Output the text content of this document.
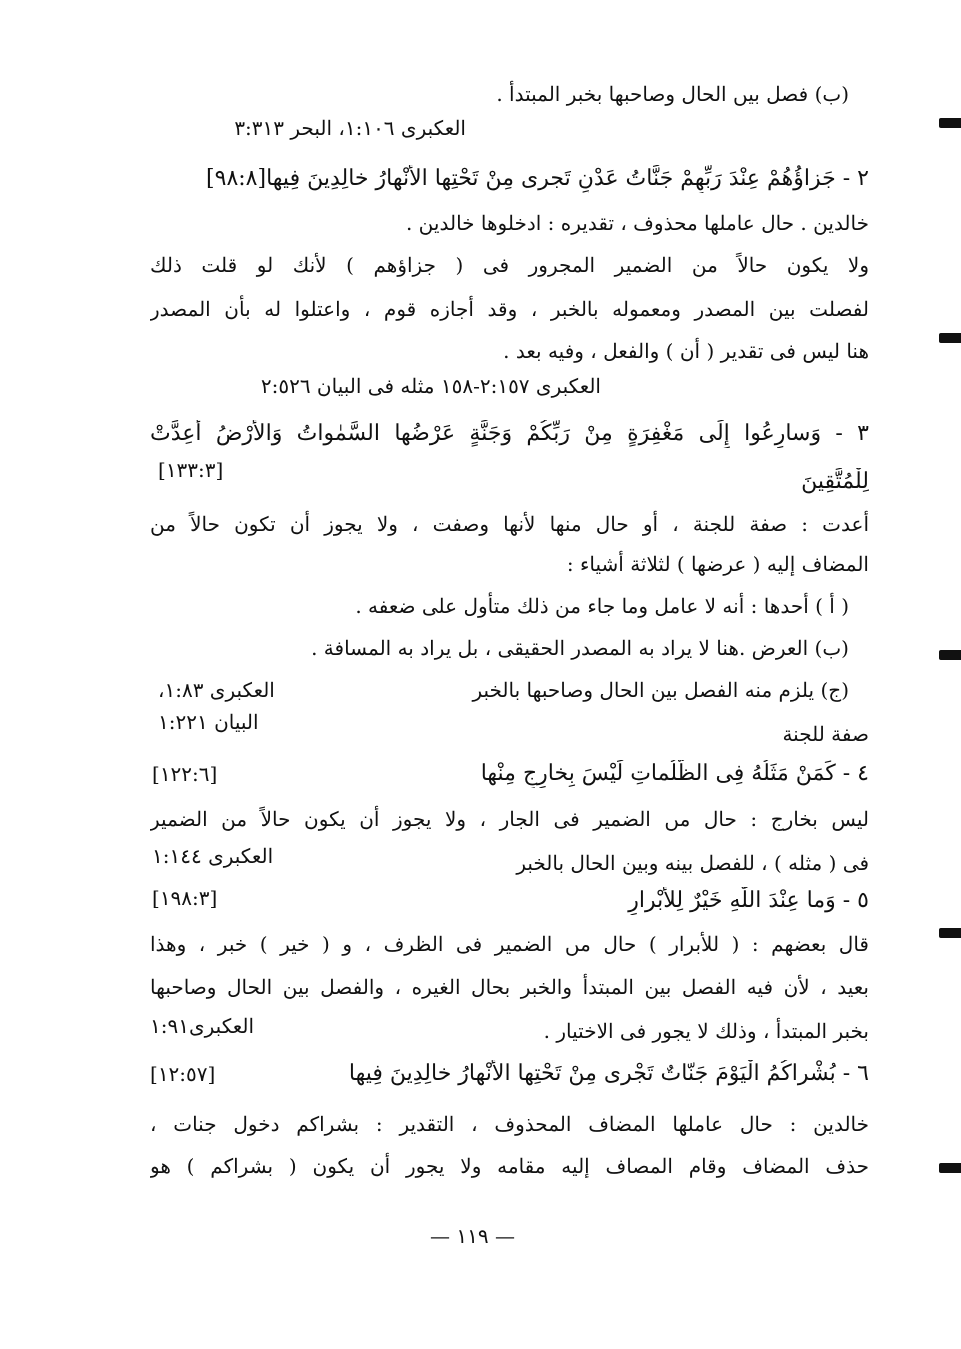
(ب) فصل بيں الحال وصاحبها بخبر المبتدأ .
العكبرى ١:١٠٦، البحر ٣:٣١٣
٢ - جَزاؤُهُمْ عِنْدَ رَبِّهِمْ جَنَّاتُ عَدْنٍ تَجرى مِنْ تَحْتِها الأَنْهارُ خالِدِينَ فِيها[٩٨:٨]
خالدين . حال عاملها محذوف ، تقديره : ادخلوها خالدين .
ولا يكون حالاً من الضمير المجرور فى ( جزاؤهم ) لأنك لو قلت ذلك
لفصلت بين المصدر ومعموله بالخبر ، وقد أجازه قوم ، واعتلوا له بأن المصدر
هنا ليس فى تقدير ( أن ) والفعل ، وفيه بعد .
العكبرى ٢:١٥٧-١٥٨ مثله فى البيان ٢:٥٢٦
٣ - وَسارِعُوا إِلَى مَغْفِرَةٍ مِنْ رَبِّكُمْ وَجَنَّةٍ عَرْضُها السَّمٰواتُ وَالأَرْضُ أُعِدَّتْ
لِلْمُتَّقِينَ
أعدت : صفة للجنة ، أو حال منها لأنها وصفت ، ولا يجوز أن تكون حالاً من
المضاف إليه ( عرضها ) لثلاثة أشياء :
( أ ) أحدها : أنه لا عامل وما جاء من ذلك متأول على ضعفه .
(ب) العرض .هنا لا يراد به المصدر الحقيقى ، بل يراد به المسافة .
(ج) يلزم منه الفصل بين الحال وصاحبها بالخبر
صفة للجنة
٤ - كَمَنْ مَثَلُهُ فِى الظُّلُماتِ لَيْسَ بِخارِجٍ مِنْها
ليس بخارج : حال مں الضمير فى الجار ، ولا يجوز أن يكون حالاً من الضمير
فى ( مثله ) ، للفصل بينه وبين الحال بالخبر
٥ - وَما عِنْدَ اللّٰهِ خَيْرٌ لِلأَبْرارِ
قال بعضهم : ( للأبرار ) حال مں الضمير فى الظرف ، و ( خير ) خبر ، وهذا
بعيد ، لأن فيه الفصل بين المبتدأ والخبر بحال الغيره ، والفصل بين الحال وصاحبها
بخبر المبتدأ ، وذلك لا يجور فى الاختيار .
٦ - بُشْراكُمُ الْيَوْمَ جَنّاتٌ تَجْرى مِنْ تَحْتِها الأَنْهارُ خالِدِينَ فِيها
خالدين : حال عاملها المضاف المحذوف ، التقدير : بشراكم دخول جنات ،
حذف المضاف وقام المصاف إليه مقامه ولا يجور أن يكون ( بشراكم ) هو
[١٣٣:٣]
العكبرى ١:٨٣،
البيان ١:٢٢١
[١٢٢:٦]
العكبرى ١:١٤٤
[١٩٨:٣]
العكبرى١:٩١
[١٢:٥٧]
— ١١٩ —
